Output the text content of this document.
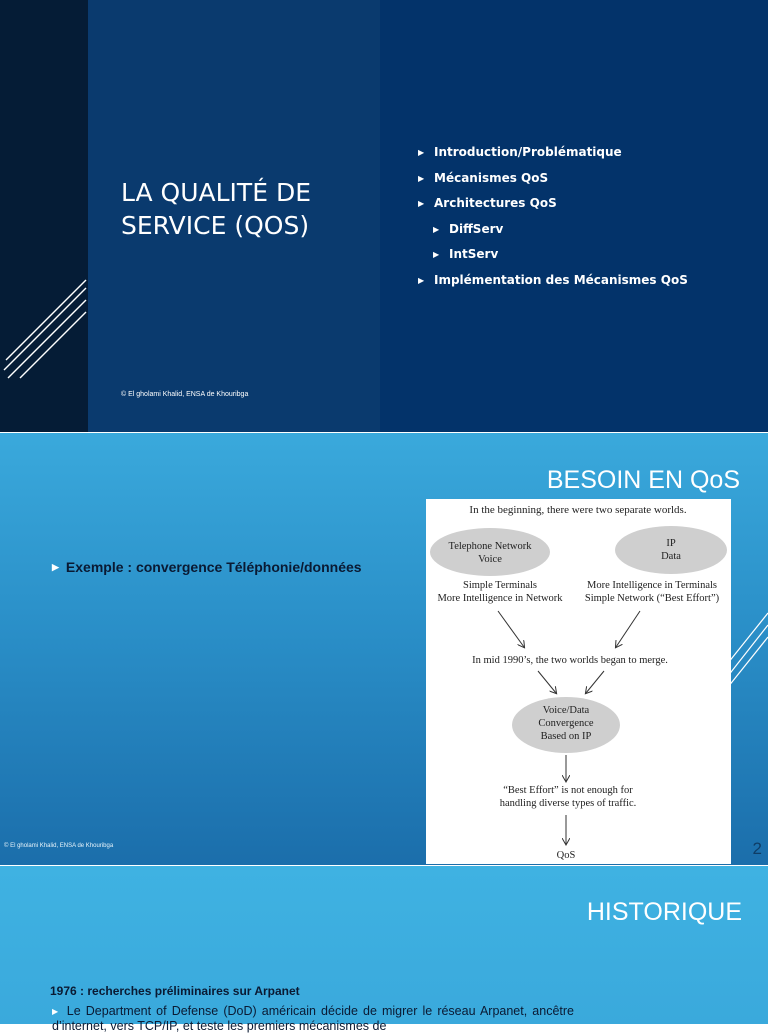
LA QUALITÉ DE SERVICE (QOS)
© El gholami Khalid, ENSA de Khouribga
▶ Introduction/Problématique
▶ Mécanismes QoS
▶ Architectures QoS
▶ DiffServ
▶ IntServ
▶ Implémentation des Mécanismes QoS
BESOIN EN QoS
▶ Exemple : convergence Téléphonie/données
© El gholami Khalid, ENSA de Khouribga	2
In the beginning, there were two separate worlds.
Telephone Network
Voice
IP
Data
Simple Terminals
More Intelligence in Network
More Intelligence in Terminals
Simple Network (“Best Effort”)
In mid 1990’s, the two worlds began to merge.
Voice/Data
Convergence
Based on IP
“Best Effort” is not enough for
handling diverse types of traffic.
QoS
HISTORIQUE
1976 : recherches préliminaires sur Arpanet
▶ Le Department of Defense (DoD) américain décide de migrer le réseau Arpanet, ancêtre d’internet, vers TCP/IP, et teste les premiers mécanismes de
